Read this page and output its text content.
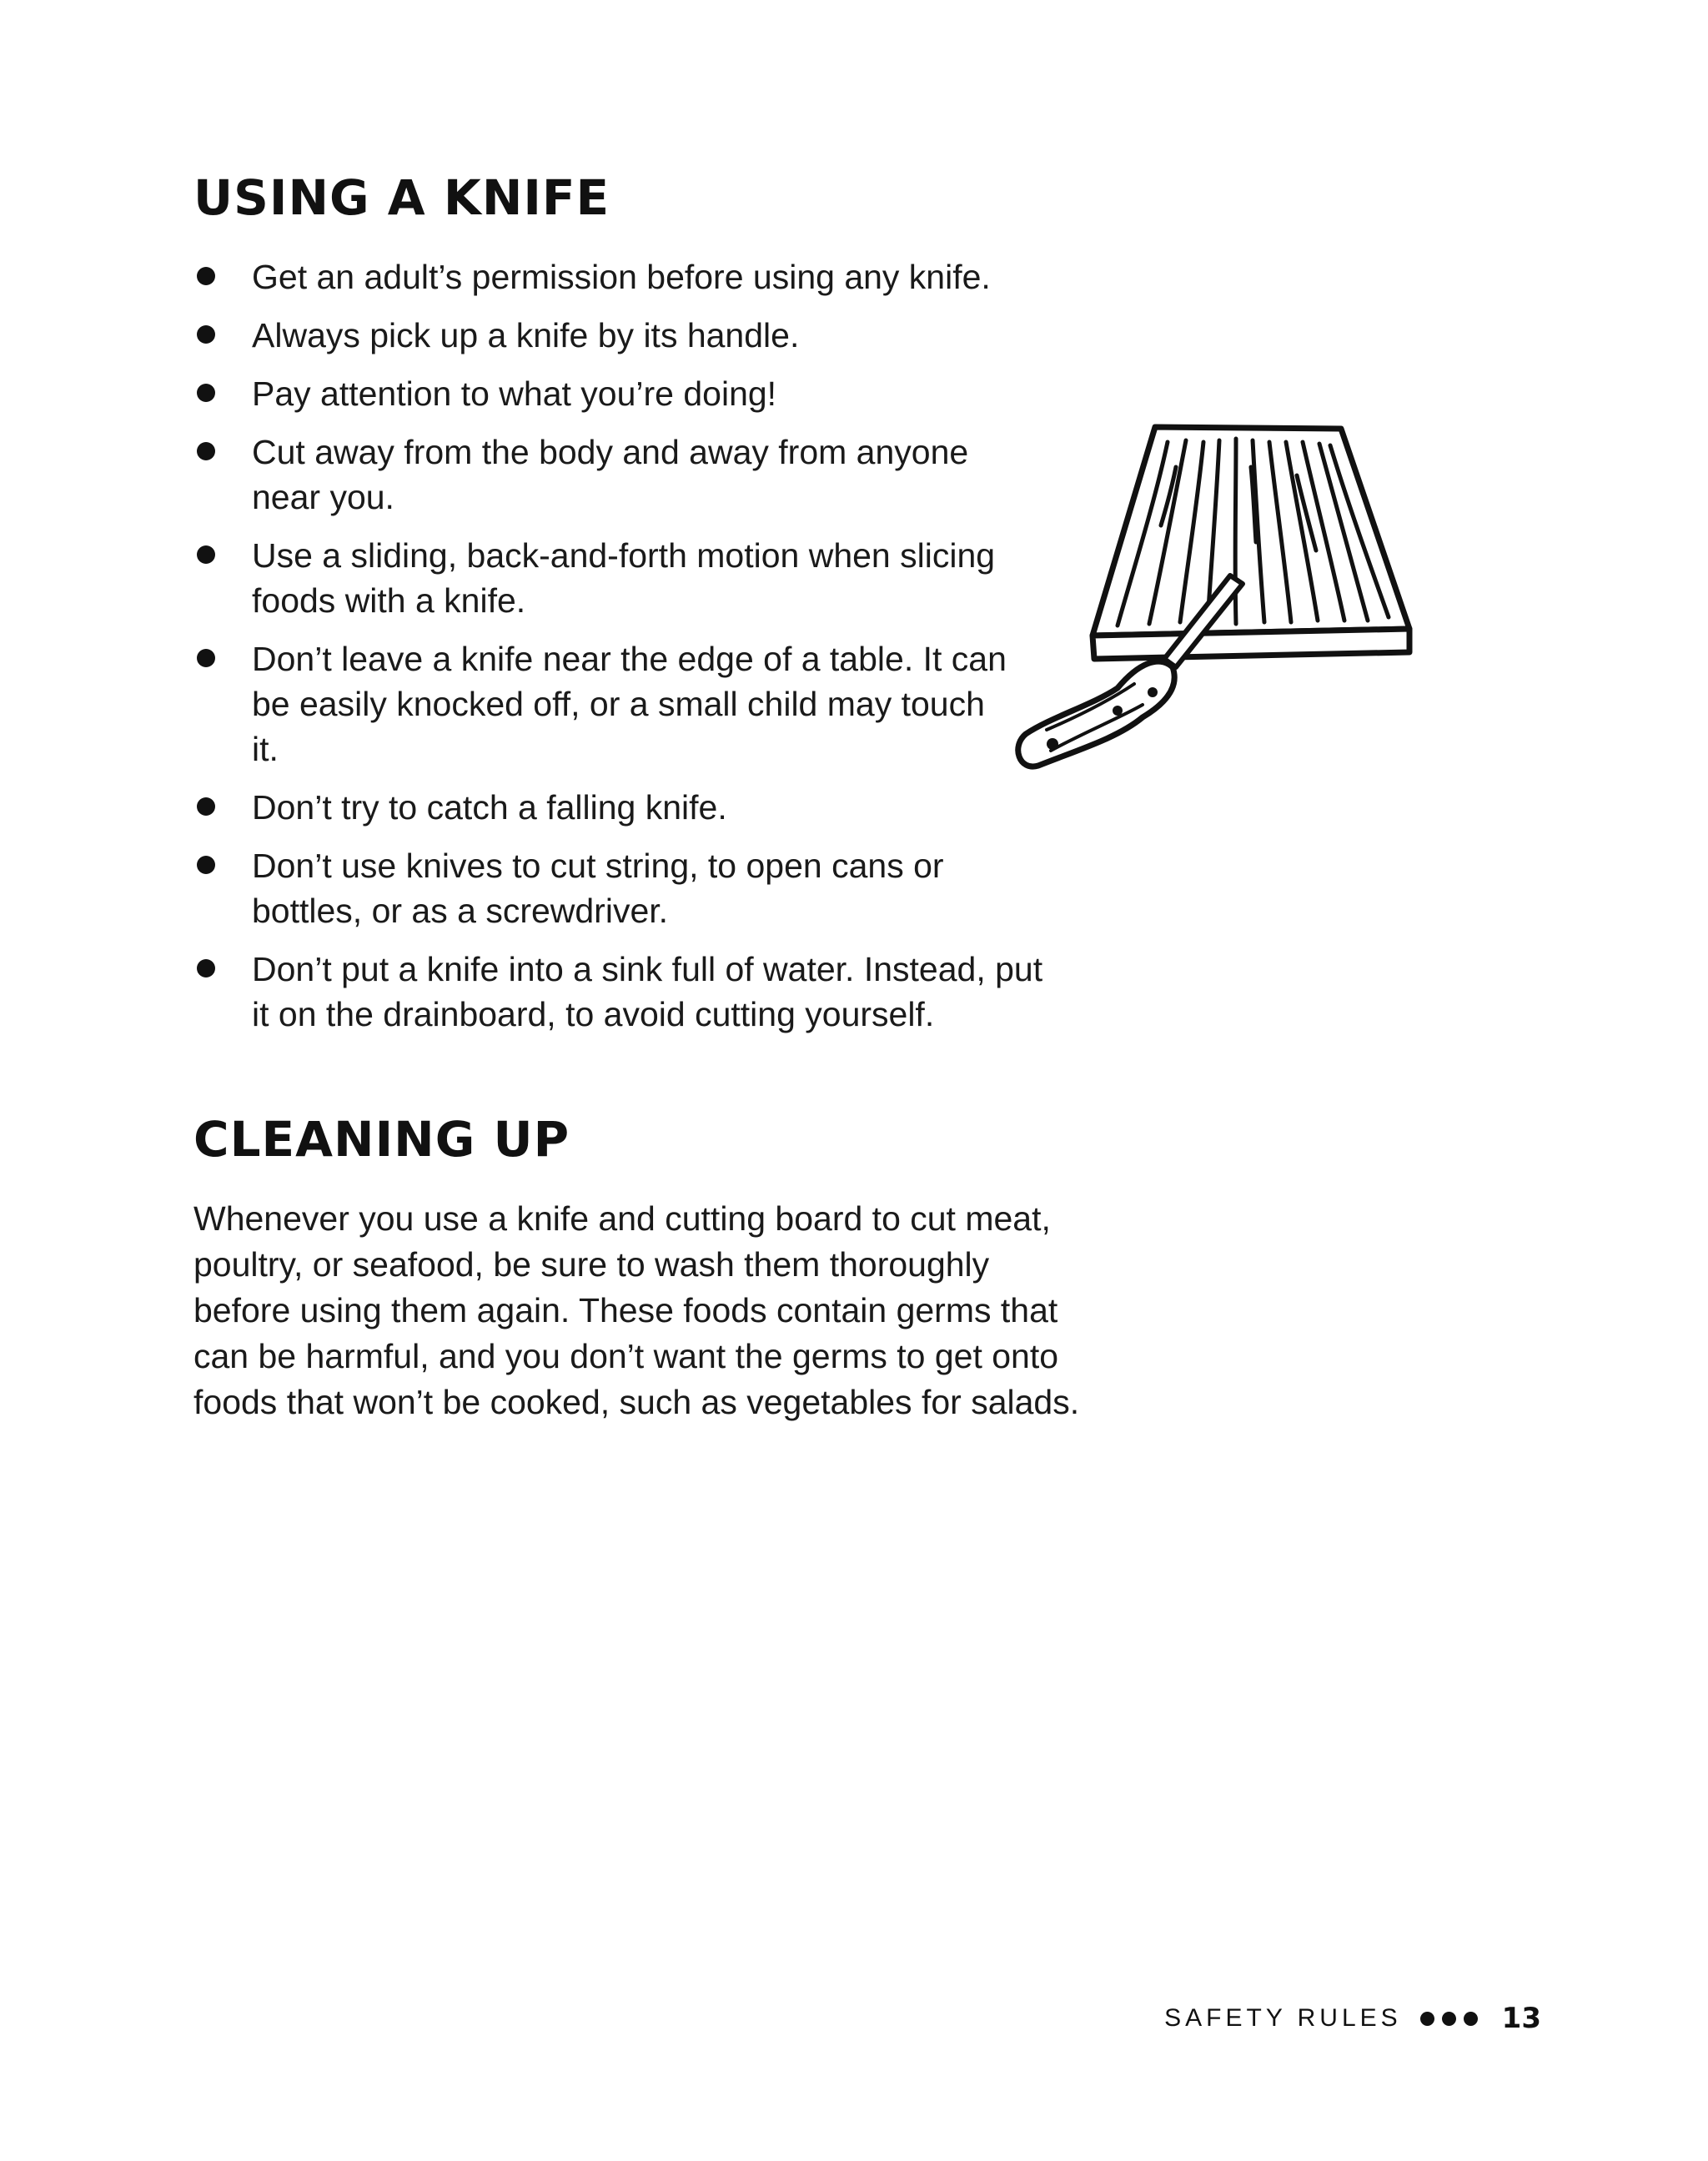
USING A KNIFE
Get an adult’s permission before using any knife.
Always pick up a knife by its handle.
Pay attention to what you’re doing!
Cut away from the body and away from anyone near you.
Use a sliding, back-and-forth motion when slicing foods with a knife.
Don’t leave a knife near the edge of a table. It can be easily knocked off, or a small child may touch it.
Don’t try to catch a falling knife.
Don’t use knives to cut string, to open cans or bottles, or as a screwdriver.
Don’t put a knife into a sink full of water. Instead, put it on the drainboard, to avoid cutting yourself.
CLEANING UP

Whenever you use a knife and cutting board to cut meat, poultry, or seafood, be sure to wash them thoroughly before using them again. These foods contain germs that can be harmful, and you don’t want the germs to get onto foods that won’t be cooked, such as vegetables for salads.

SAFETY RULES	13
